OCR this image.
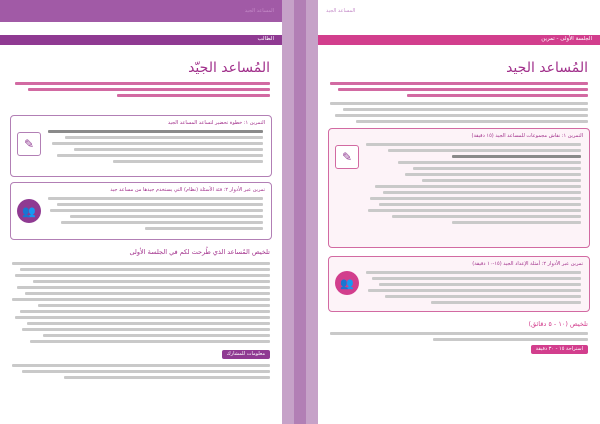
المساعد الجيد
الطالب
المُساعد الجيّد
التمرين ١: خطوة تحضير لتساعد المساعد الجيد
✎
تمرين عبر الأدوار ٢: فئة الأسئلة (نظام) التي يستخدم جيدها من مساعد جيد
👥
تلخيص المُساعد الذي طُرحت لكم في الجلسة الأولى
معلومات للمشارك
المساعد الجيد
الجلسة الأولى - تمرين
المُساعد الجيد
التمرين ١: نقاش مجموعات للمساعد الجيد (١٥ دقيقة)
✎
تمرين عبر الأدوار ٢: أمثلة الإعداد الجيد (١٥-١٠ دقيقة)
👥
تلخيص (١٠ - ٥ دقائق)
استراحة ١٥ - ٣٠ دقيقة
